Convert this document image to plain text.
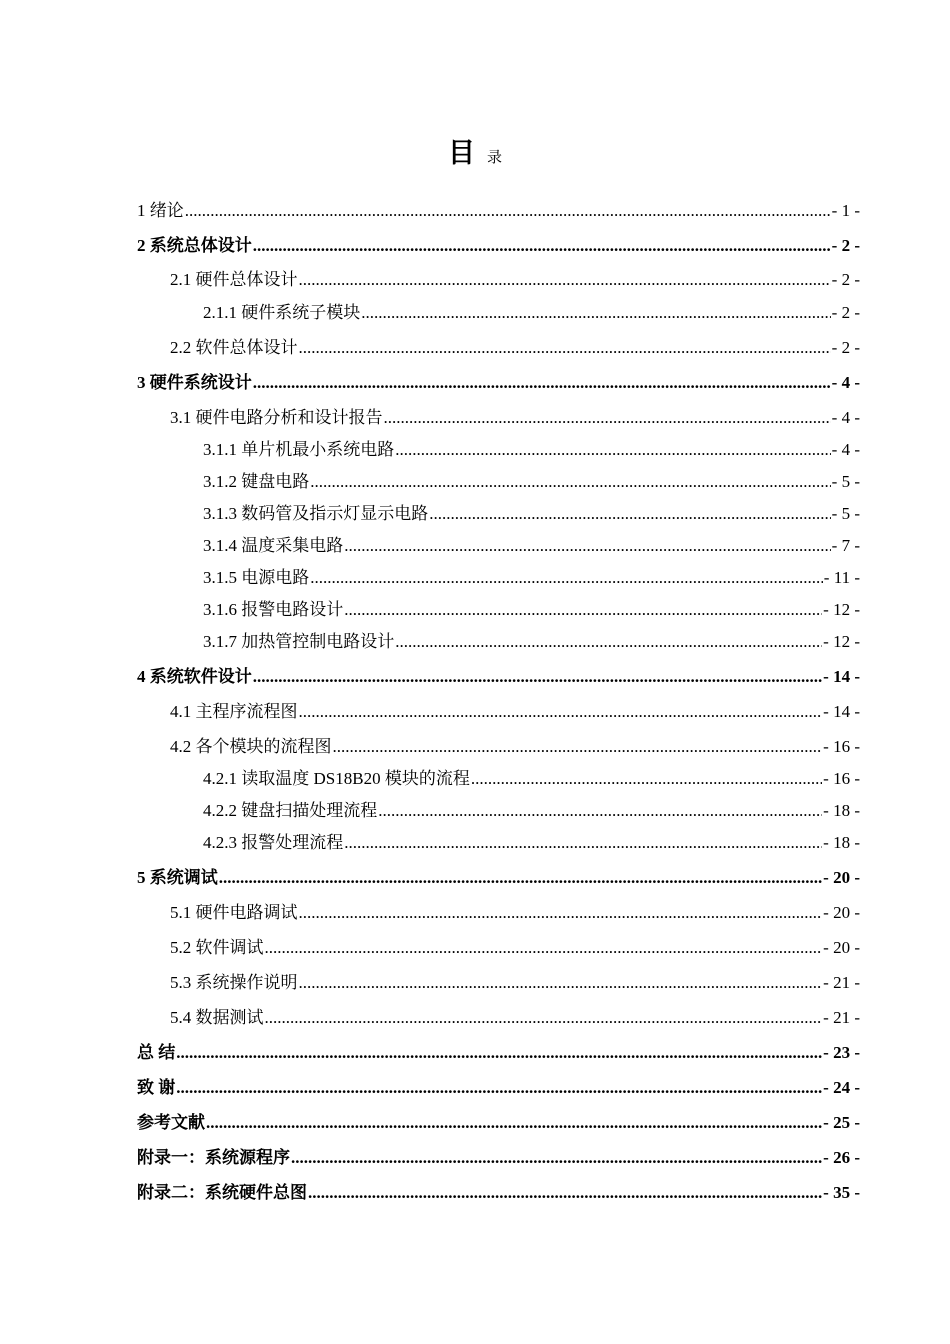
目录
1 绪论 .....	- 1 -
2 系统总体设计 .....	- 2 -
2.1 硬件总体设计 .....	- 2 -
2.1.1 硬件系统子模块 .....	- 2 -
2.2 软件总体设计 .....	- 2 -
3 硬件系统设计 .....	- 4 -
3.1 硬件电路分析和设计报告 .....	- 4 -
3.1.1 单片机最小系统电路 .....	- 4 -
3.1.2 键盘电路 .....	- 5 -
3.1.3 数码管及指示灯显示电路 .....	- 5 -
3.1.4 温度采集电路 .....	- 7 -
3.1.5 电源电路 .....	- 11 -
3.1.6 报警电路设计 .....	- 12 -
3.1.7 加热管控制电路设计 .....	- 12 -
4 系统软件设计 .....	- 14 -
4.1 主程序流程图 .....	- 14 -
4.2 各个模块的流程图 .....	- 16 -
4.2.1 读取温度 DS18B20 模块的流程 .....	- 16 -
4.2.2 键盘扫描处理流程 .....	- 18 -
4.2.3 报警处理流程 .....	- 18 -
5 系统调试 .....	- 20 -
5.1 硬件电路调试 .....	- 20 -
5.2 软件调试 .....	- 20 -
5.3 系统操作说明 .....	- 21 -
5.4 数据测试 .....	- 21 -
总 结 .....	- 23 -
致 谢 .....	- 24 -
参考文献 .....	- 25 -
附录一：系统源程序 .....	- 26 -
附录二：系统硬件总图 .....	- 35 -
